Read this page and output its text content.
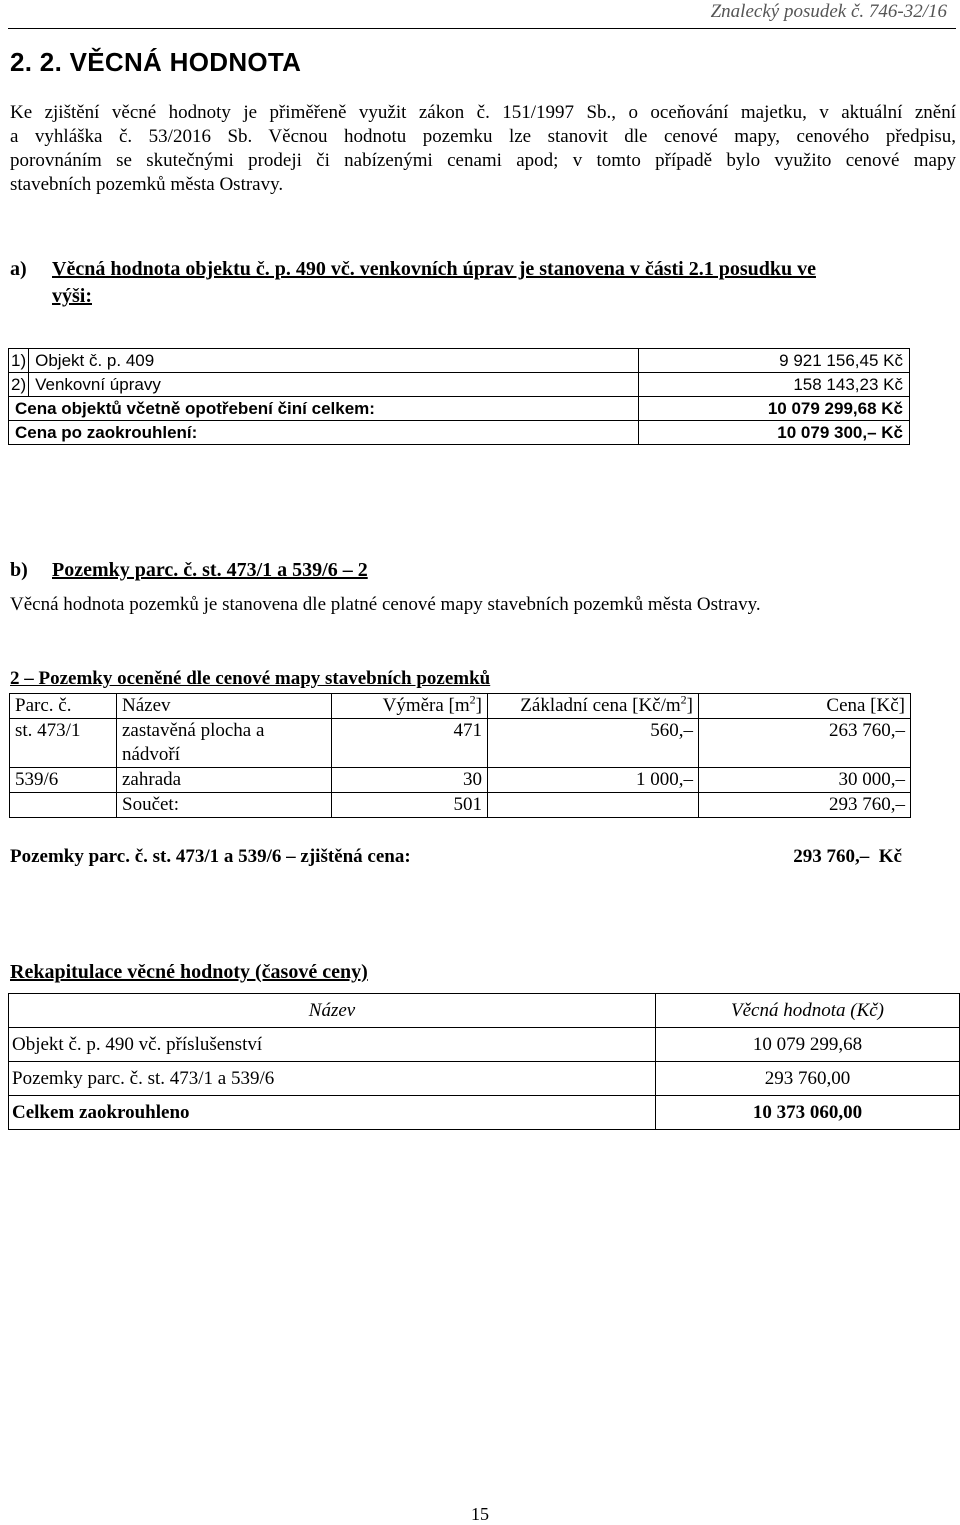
Znalecký posudek č. 746-32/16
2. 2. VĚCNÁ HODNOTA
Ke zjištění věcné hodnoty je přiměřeně využit zákon č. 151/1997 Sb., o oceňování majetku, v aktuální znění
a vyhláška č. 53/2016 Sb. Věcnou hodnotu pozemku lze stanovit dle cenové mapy, cenového předpisu,
porovnáním se skutečnými prodeji či nabízenými cenami apod; v tomto případě bylo využito cenové mapy
stavebních pozemků města Ostravy.
a) Věcná hodnota objektu č. p. 490 vč. venkovních úprav je stanovena v části 2.1 posudku ve
výši:
1)	Objekt č. p. 409	9 921 156,45 Kč
2)	Venkovní úpravy	158 143,23 Kč
Cena objektů včetně opotřebení činí celkem:		10 079 299,68 Kč
Cena po zaokrouhlení:		10 079 300,– Kč
b) Pozemky parc. č. st. 473/1 a 539/6 – 2
Věcná hodnota pozemků je stanovena dle platné cenové mapy stavebních pozemků města Ostravy.
2 – Pozemky oceněné dle cenové mapy stavebních pozemků
Parc. č.	Název	Výměra $[m^2]$	Základní cena $[Kč/m^2]$	Cena [Kč]
st. 473/1	zastavěná plocha a nádvoří	471	560,–	263 760,–
539/6	zahrada	30	1 000,–	30 000,–
	Součet:	501		293 760,–
Pozemky parc. č. st. 473/1 a 539/6 – zjištěná cena:	293 760,–  Kč
Rekapitulace věcné hodnoty (časové ceny)
Název	Věcná hodnota (Kč)
Objekt č. p. 490 vč. příslušenství	10 079 299,68
Pozemky parc. č. st. 473/1 a 539/6	293 760,00
Celkem zaokrouhleno	10 373 060,00
15
